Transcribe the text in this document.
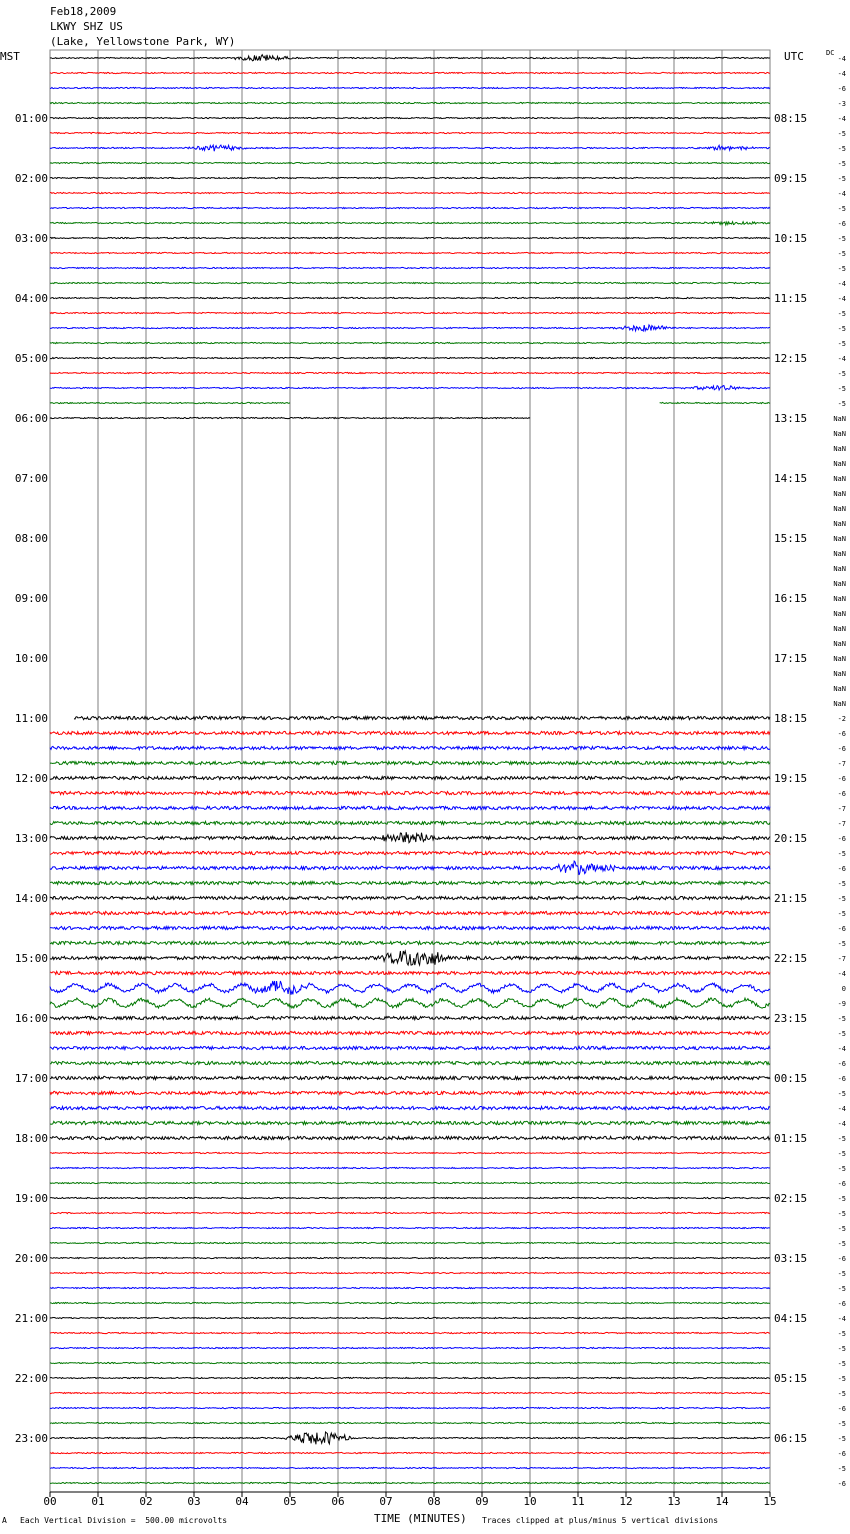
Feb18,2009
LKWY SHZ US
(Lake, Yellowstone Park, WY)
MST	UTC
00	01	02	03	04	05	06	07	08	09	10	11	12	13	14	15
-4
-4
-6
-3
-4
-5
-5
-5
-5
-4
-5
-6
-5
-5
-5
-4
-4
-5
-5
-5
-4
-5
-5
-5
NaN
NaN
NaN
NaN
NaN
NaN
NaN
NaN
NaN
NaN
NaN
NaN
NaN
NaN
NaN
NaN
NaN
NaN
NaN
NaN
-2
-6
-6
-7
-6
-6
-7
-7
-6
-5
-6
-5
-5
-5
-6
-5
-7
-4
0
-9
-5
-5
-4
-6
-6
-5
-4
-4
-5
-5
-5
-6
-5
-5
-5
-5
-6
-5
-5
-6
-4
-5
-5
-5
-5
-5
-6
-5
-5
-6
-5
-6
01:00
02:00
03:00
04:00
05:00
06:00
07:00
08:00
09:00
10:00
11:00
12:00
13:00
14:00
15:00
16:00
17:00
18:00
19:00
20:00
21:00
22:00
23:00
08:15
09:15
10:15
11:15
12:15
13:15
14:15
15:15
16:15
17:15
18:15
19:15
20:15
21:15
22:15
23:15
00:15
01:15
02:15
03:15
04:15
05:15
06:15
DC
TIME (MINUTES)
A Each Vertical Division =  500.00 microvolts	Traces clipped at plus/minus 5 vertical divisions
